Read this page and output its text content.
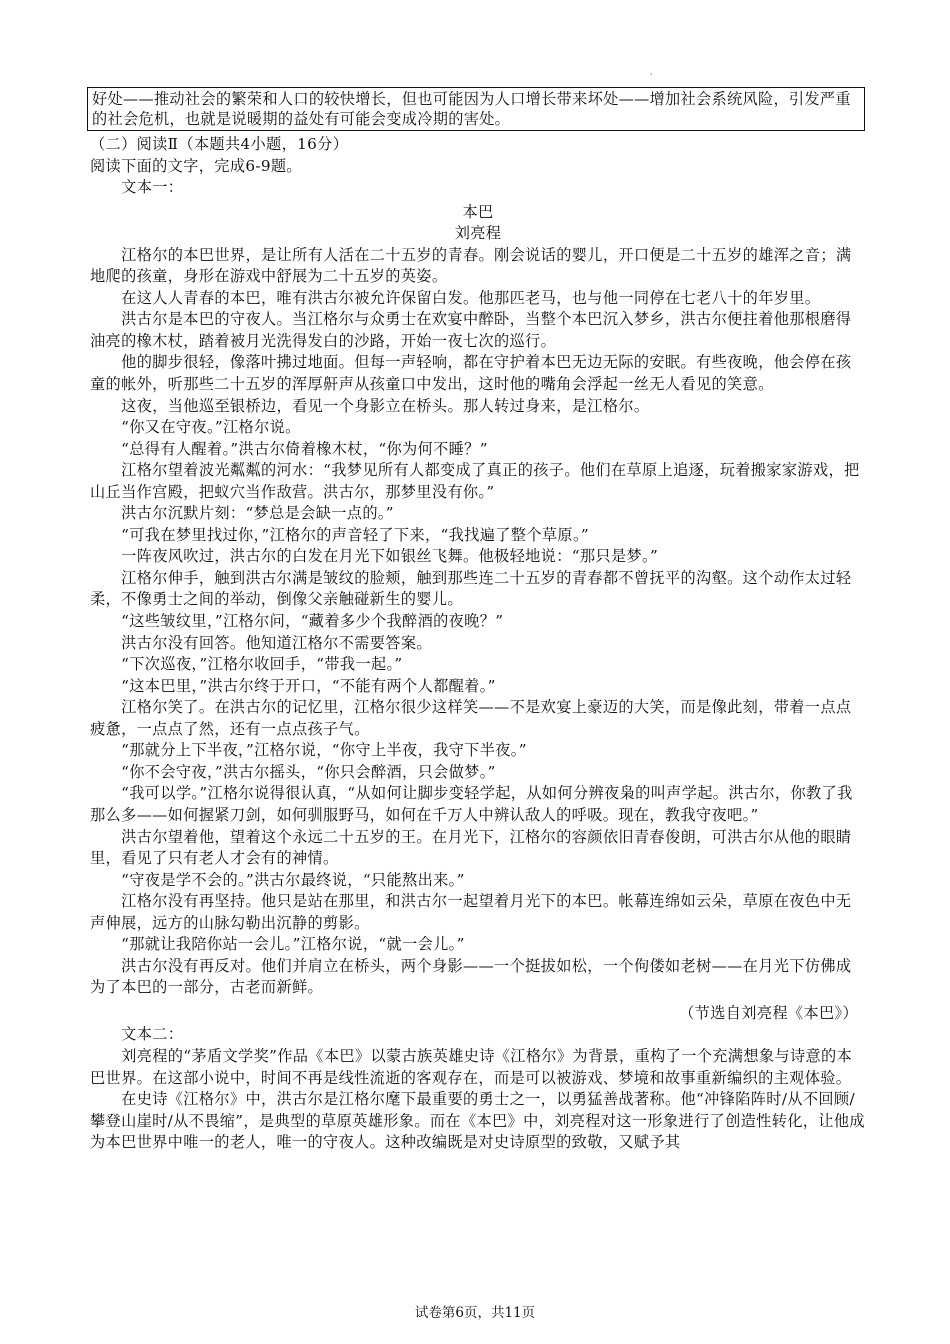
'
好处——推动社会的繁荣和人口的较快增长，但也可能因为人口增长带来坏处——增加社会系统风险，引发严重的社会危机，也就是说暖期的益处有可能会变成冷期的害处。

（二）阅读Ⅱ（本题共4小题，16分）

阅读下面的文字，完成6-9题。

文本一：

本巴

刘亮程

江格尔的本巴世界，是让所有人活在二十五岁的青春。刚会说话的婴儿，开口便是二十五岁的雄浑之音；满地爬的孩童，身形在游戏中舒展为二十五岁的英姿。

在这人人青春的本巴，唯有洪古尔被允许保留白发。他那匹老马，也与他一同停在七老八十的年岁里。

洪古尔是本巴的守夜人。当江格尔与众勇士在欢宴中醉卧，当整个本巴沉入梦乡，洪古尔便拄着他那根磨得油亮的橡木杖，踏着被月光洗得发白的沙路，开始一夜七次的巡行。

他的脚步很轻，像落叶拂过地面。但每一声轻响，都在守护着本巴无边无际的安眠。有些夜晚，他会停在孩童的帐外，听那些二十五岁的浑厚鼾声从孩童口中发出，这时他的嘴角会浮起一丝无人看见的笑意。

这夜，当他巡至银桥边，看见一个身影立在桥头。那人转过身来，是江格尔。

“你又在守夜。”江格尔说。

“总得有人醒着。”洪古尔倚着橡木杖，“你为何不睡？”

江格尔望着波光粼粼的河水：“我梦见所有人都变成了真正的孩子。他们在草原上追逐，玩着搬家家游戏，把山丘当作宫殿，把蚁穴当作敌营。洪古尔，那梦里没有你。”

洪古尔沉默片刻：“梦总是会缺一点的。”

“可我在梦里找过你，”江格尔的声音轻了下来，“我找遍了整个草原。”

一阵夜风吹过，洪古尔的白发在月光下如银丝飞舞。他极轻地说：“那只是梦。”

江格尔伸手，触到洪古尔满是皱纹的脸颊，触到那些连二十五岁的青春都不曾抚平的沟壑。这个动作太过轻柔，不像勇士之间的举动，倒像父亲触碰新生的婴儿。

“这些皱纹里，”江格尔问，“藏着多少个我醉酒的夜晚？”

洪古尔没有回答。他知道江格尔不需要答案。

“下次巡夜，”江格尔收回手，“带我一起。”

“这本巴里，”洪古尔终于开口，“不能有两个人都醒着。”

江格尔笑了。在洪古尔的记忆里，江格尔很少这样笑——不是欢宴上豪迈的大笑，而是像此刻，带着一点点疲惫，一点点了然，还有一点点孩子气。

“那就分上下半夜，”江格尔说，“你守上半夜，我守下半夜。”

“你不会守夜，”洪古尔摇头，“你只会醉酒，只会做梦。”

“我可以学。”江格尔说得很认真，“从如何让脚步变轻学起，从如何分辨夜枭的叫声学起。洪古尔，你教了我那么多——如何握紧刀剑，如何驯服野马，如何在千万人中辨认敌人的呼吸。现在，教我守夜吧。”

洪古尔望着他，望着这个永远二十五岁的王。在月光下，江格尔的容颜依旧青春俊朗，可洪古尔从他的眼睛里，看见了只有老人才会有的神情。

“守夜是学不会的。”洪古尔最终说，“只能熬出来。”

江格尔没有再坚持。他只是站在那里，和洪古尔一起望着月光下的本巴。帐幕连绵如云朵，草原在夜色中无声伸展，远方的山脉勾勒出沉静的剪影。

“那就让我陪你站一会儿。”江格尔说，“就一会儿。”

洪古尔没有再反对。他们并肩立在桥头，两个身影——一个挺拔如松，一个佝偻如老树——在月光下仿佛成为了本巴的一部分，古老而新鲜。

（节选自刘亮程《本巴》）

文本二：

刘亮程的“茅盾文学奖”作品《本巴》以蒙古族英雄史诗《江格尔》为背景，重构了一个充满想象与诗意的本巴世界。在这部小说中，时间不再是线性流逝的客观存在，而是可以被游戏、梦境和故事重新编织的主观体验。

在史诗《江格尔》中，洪古尔是江格尔麾下最重要的勇士之一，以勇猛善战著称。他“冲锋陷阵时/从不回顾/攀登山崖时/从不畏缩”，是典型的草原英雄形象。而在《本巴》中，刘亮程对这一形象进行了创造性转化，让他成为本巴世界中唯一的老人，唯一的守夜人。这种改编既是对史诗原型的致敬，又赋予其

试卷第6页，共11页
